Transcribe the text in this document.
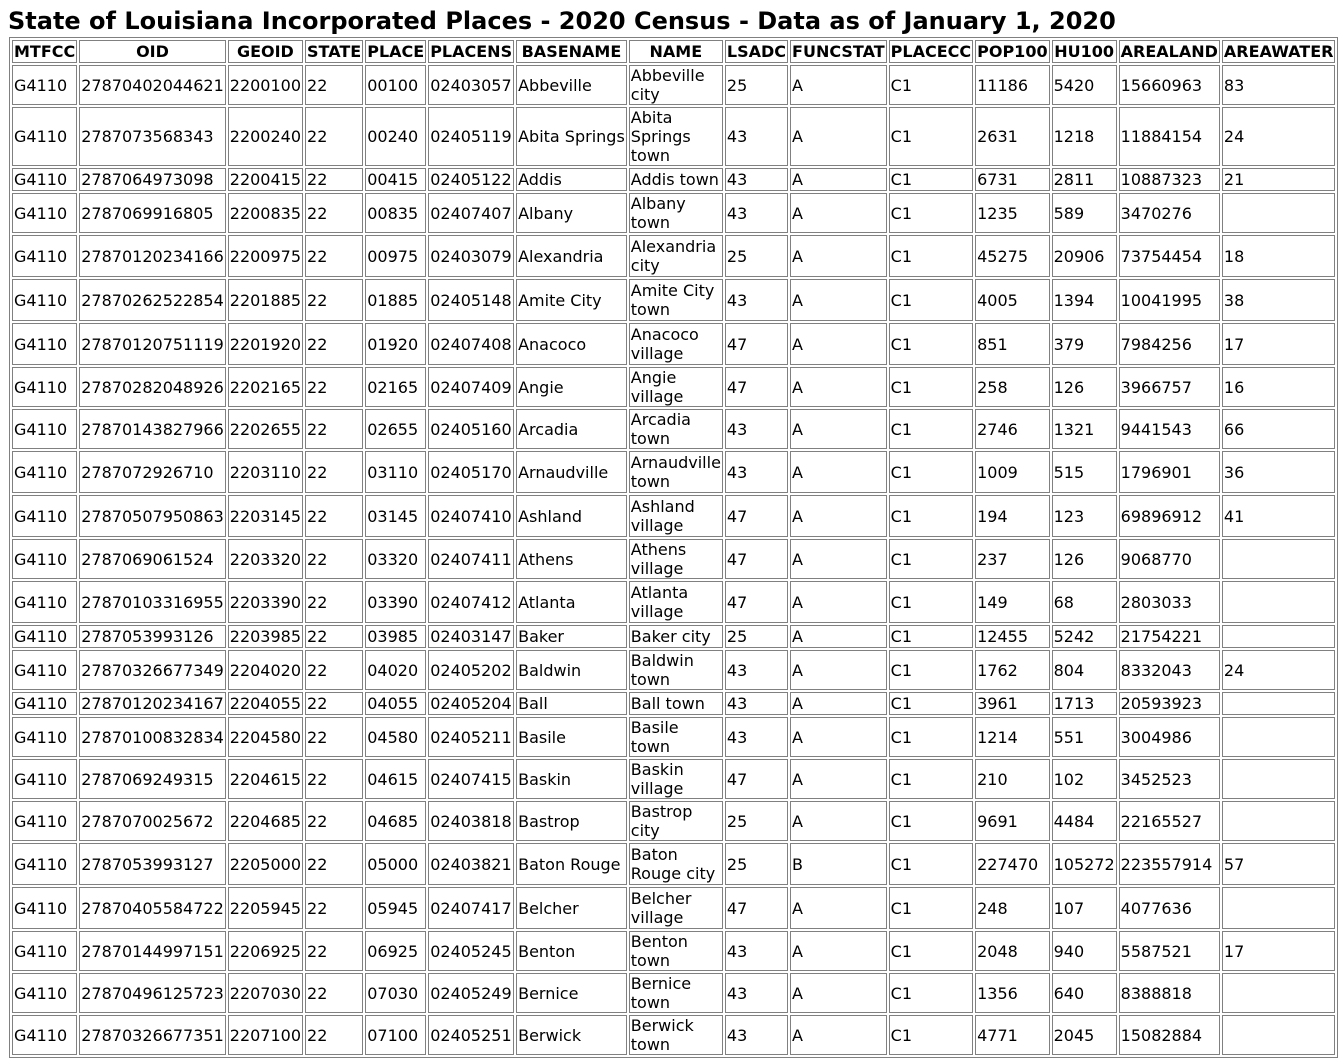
State of Louisiana Incorporated Places - 2020 Census - Data as of January 1, 2020
MTFCC	OID	GEOID	STATE	PLACE	PLACENS	BASENAME	NAME	LSADC	FUNCSTAT	PLACECC	POP100	HU100	AREALAND	AREAWATER
G4110	27870402044621	2200100	22	00100	02403057	Abbeville	Abbeville city	25	A	C1	11186	5420	15660963	83
G4110	2787073568343	2200240	22	00240	02405119	Abita Springs	Abita Springs town	43	A	C1	2631	1218	11884154	24
G4110	2787064973098	2200415	22	00415	02405122	Addis	Addis town	43	A	C1	6731	2811	10887323	21
G4110	2787069916805	2200835	22	00835	02407407	Albany	Albany town	43	A	C1	1235	589	3470276	
G4110	27870120234166	2200975	22	00975	02403079	Alexandria	Alexandria city	25	A	C1	45275	20906	73754454	18
G4110	27870262522854	2201885	22	01885	02405148	Amite City	Amite City town	43	A	C1	4005	1394	10041995	38
G4110	27870120751119	2201920	22	01920	02407408	Anacoco	Anacoco village	47	A	C1	851	379	7984256	17
G4110	27870282048926	2202165	22	02165	02407409	Angie	Angie village	47	A	C1	258	126	3966757	16
G4110	27870143827966	2202655	22	02655	02405160	Arcadia	Arcadia town	43	A	C1	2746	1321	9441543	66
G4110	2787072926710	2203110	22	03110	02405170	Arnaudville	Arnaudville town	43	A	C1	1009	515	1796901	36
G4110	27870507950863	2203145	22	03145	02407410	Ashland	Ashland village	47	A	C1	194	123	69896912	41
G4110	2787069061524	2203320	22	03320	02407411	Athens	Athens village	47	A	C1	237	126	9068770	
G4110	27870103316955	2203390	22	03390	02407412	Atlanta	Atlanta village	47	A	C1	149	68	2803033	
G4110	2787053993126	2203985	22	03985	02403147	Baker	Baker city	25	A	C1	12455	5242	21754221	
G4110	27870326677349	2204020	22	04020	02405202	Baldwin	Baldwin town	43	A	C1	1762	804	8332043	24
G4110	27870120234167	2204055	22	04055	02405204	Ball	Ball town	43	A	C1	3961	1713	20593923	
G4110	27870100832834	2204580	22	04580	02405211	Basile	Basile town	43	A	C1	1214	551	3004986	
G4110	2787069249315	2204615	22	04615	02407415	Baskin	Baskin village	47	A	C1	210	102	3452523	
G4110	2787070025672	2204685	22	04685	02403818	Bastrop	Bastrop city	25	A	C1	9691	4484	22165527	
G4110	2787053993127	2205000	22	05000	02403821	Baton Rouge	Baton Rouge city	25	B	C1	227470	105272	223557914	57
G4110	27870405584722	2205945	22	05945	02407417	Belcher	Belcher village	47	A	C1	248	107	4077636	
G4110	27870144997151	2206925	22	06925	02405245	Benton	Benton town	43	A	C1	2048	940	5587521	17
G4110	27870496125723	2207030	22	07030	02405249	Bernice	Bernice town	43	A	C1	1356	640	8388818	
G4110	27870326677351	2207100	22	07100	02405251	Berwick	Berwick town	43	A	C1	4771	2045	15082884	
